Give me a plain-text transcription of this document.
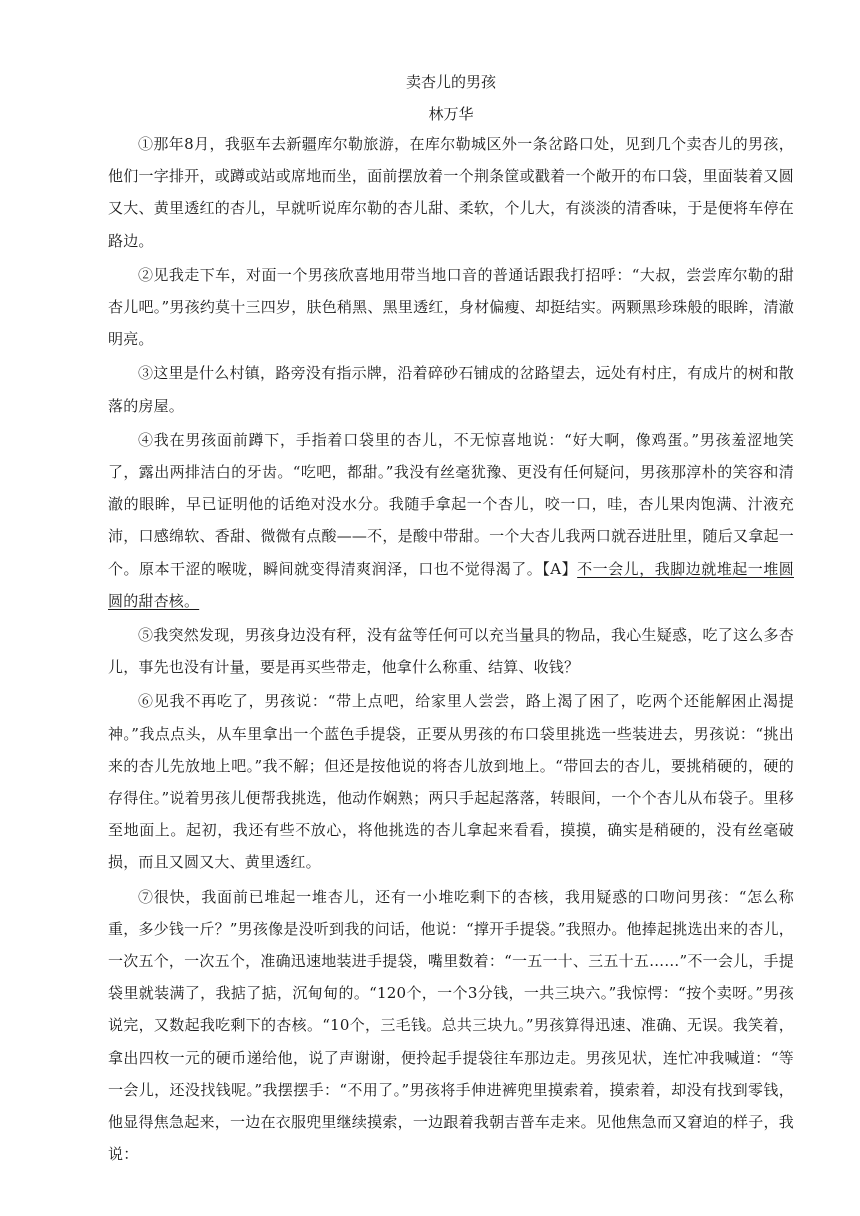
卖杏儿的男孩
林万华

①那年8月，我驱车去新疆库尔勒旅游，在库尔勒城区外一条岔路口处，见到几个卖杏儿的男孩，他们一字排开，或蹲或站或席地而坐，面前摆放着一个荆条筐或戳着一个敞开的布口袋，里面装着又圆又大、黄里透红的杏儿，早就听说库尔勒的杏儿甜、柔软，个儿大，有淡淡的清香味，于是便将车停在路边。

②见我走下车，对面一个男孩欣喜地用带当地口音的普通话跟我打招呼：“大叔，尝尝库尔勒的甜杏儿吧。”男孩约莫十三四岁，肤色稍黑、黑里透红，身材偏瘦、却挺结实。两颗黑珍珠般的眼眸，清澈明亮。

③这里是什么村镇，路旁没有指示牌，沿着碎砂石铺成的岔路望去，远处有村庄，有成片的树和散落的房屋。

④我在男孩面前蹲下，手指着口袋里的杏儿，不无惊喜地说：“好大啊，像鸡蛋。”男孩羞涩地笑了，露出两排洁白的牙齿。“吃吧，都甜。”我没有丝毫犹豫、更没有任何疑问，男孩那淳朴的笑容和清澈的眼眸，早已证明他的话绝对没水分。我随手拿起一个杏儿，咬一口，哇，杏儿果肉饱满、汁液充沛，口感绵软、香甜、微微有点酸——不，是酸中带甜。一个大杏儿我两口就吞进肚里，随后又拿起一个。原本干涩的喉咙，瞬间就变得清爽润泽，口也不觉得渴了。【A】不一会儿，我脚边就堆起一堆圆圆的甜杏核。

⑤我突然发现，男孩身边没有秤，没有盆等任何可以充当量具的物品，我心生疑惑，吃了这么多杏儿，事先也没有计量，要是再买些带走，他拿什么称重、结算、收钱？

⑥见我不再吃了，男孩说：“带上点吧，给家里人尝尝，路上渴了困了，吃两个还能解困止渴提神。”我点点头，从车里拿出一个蓝色手提袋，正要从男孩的布口袋里挑选一些装进去，男孩说：“挑出来的杏儿先放地上吧。”我不解；但还是按他说的将杏儿放到地上。“带回去的杏儿，要挑稍硬的，硬的存得住。”说着男孩儿便帮我挑选，他动作娴熟；两只手起起落落，转眼间，一个个杏儿从布袋子。里移至地面上。起初，我还有些不放心，将他挑选的杏儿拿起来看看，摸摸，确实是稍硬的，没有丝毫破损，而且又圆又大、黄里透红。

⑦很快，我面前已堆起一堆杏儿，还有一小堆吃剩下的杏核，我用疑惑的口吻问男孩：“怎么称重，多少钱一斤？”男孩像是没听到我的问话，他说：“撑开手提袋。”我照办。他捧起挑选出来的杏儿，一次五个，一次五个，准确迅速地装进手提袋，嘴里数着：“一五一十、三五十五……”不一会儿，手提袋里就装满了，我掂了掂，沉甸甸的。“120个，一个3分钱，一共三块六。”我惊愕：“按个卖呀。”男孩说完，又数起我吃剩下的杏核。“10个，三毛钱。总共三块九。”男孩算得迅速、准确、无误。我笑着，拿出四枚一元的硬币递给他，说了声谢谢，便拎起手提袋往车那边走。男孩见状，连忙冲我喊道：“等一会儿，还没找钱呢。”我摆摆手：“不用了。”男孩将手伸进裤兜里摸索着，摸索着，却没有找到零钱，他显得焦急起来，一边在衣服兜里继续摸索，一边跟着我朝吉普车走来。见他焦急而又窘迫的样子，我说：
